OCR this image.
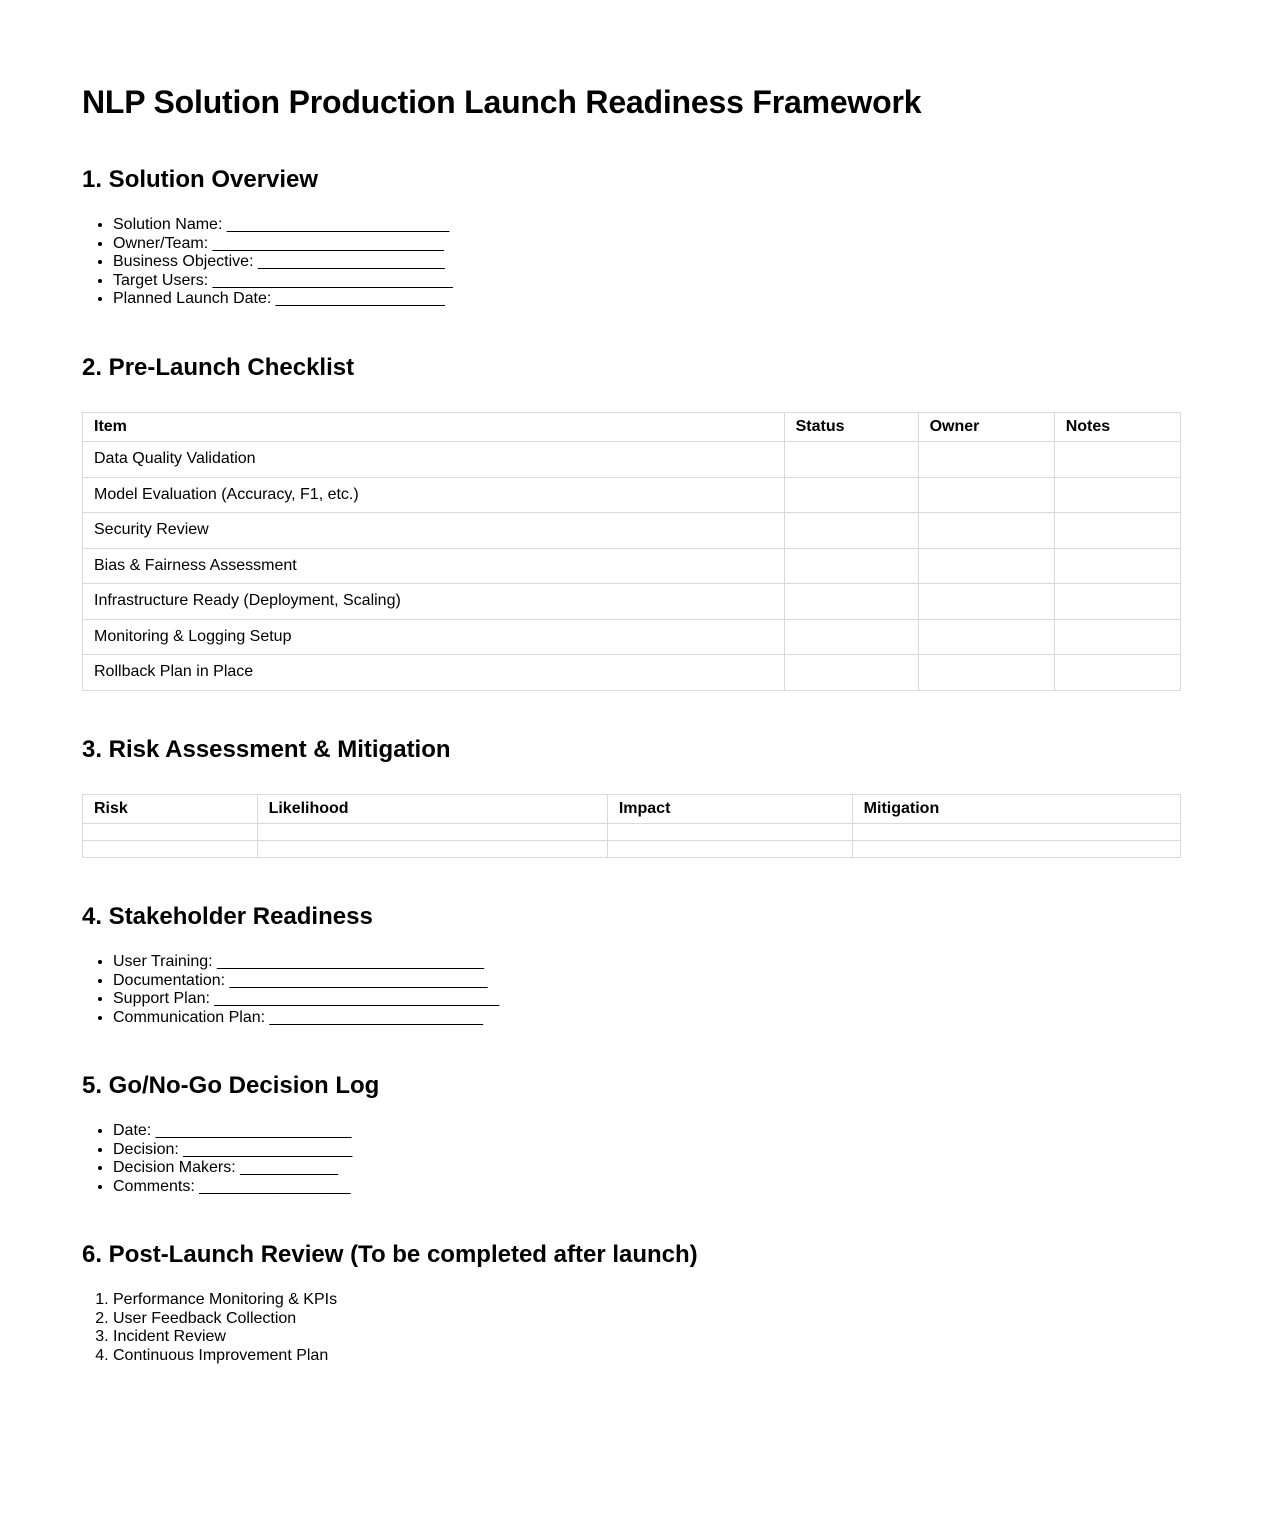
NLP Solution Production Launch Readiness Framework
1. Solution Overview
• Solution Name: _________________________
• Owner/Team: __________________________
• Business Objective: _____________________
• Target Users: ___________________________
• Planned Launch Date: ___________________
2. Pre-Launch Checklist
Item	Status	Owner	Notes
Data Quality Validation			
Model Evaluation (Accuracy, F1, etc.)			
Security Review			
Bias & Fairness Assessment			
Infrastructure Ready (Deployment, Scaling)			
Monitoring & Logging Setup			
Rollback Plan in Place			
3. Risk Assessment & Mitigation
Risk	Likelihood	Impact	Mitigation

4. Stakeholder Readiness
• User Training: ______________________________
• Documentation: _____________________________
• Support Plan: ________________________________
• Communication Plan: ________________________
5. Go/No-Go Decision Log
• Date: ______________________
• Decision: ___________________
• Decision Makers: ___________
• Comments: _________________
6. Post-Launch Review (To be completed after launch)
1. Performance Monitoring & KPIs
2. User Feedback Collection
3. Incident Review
4. Continuous Improvement Plan
